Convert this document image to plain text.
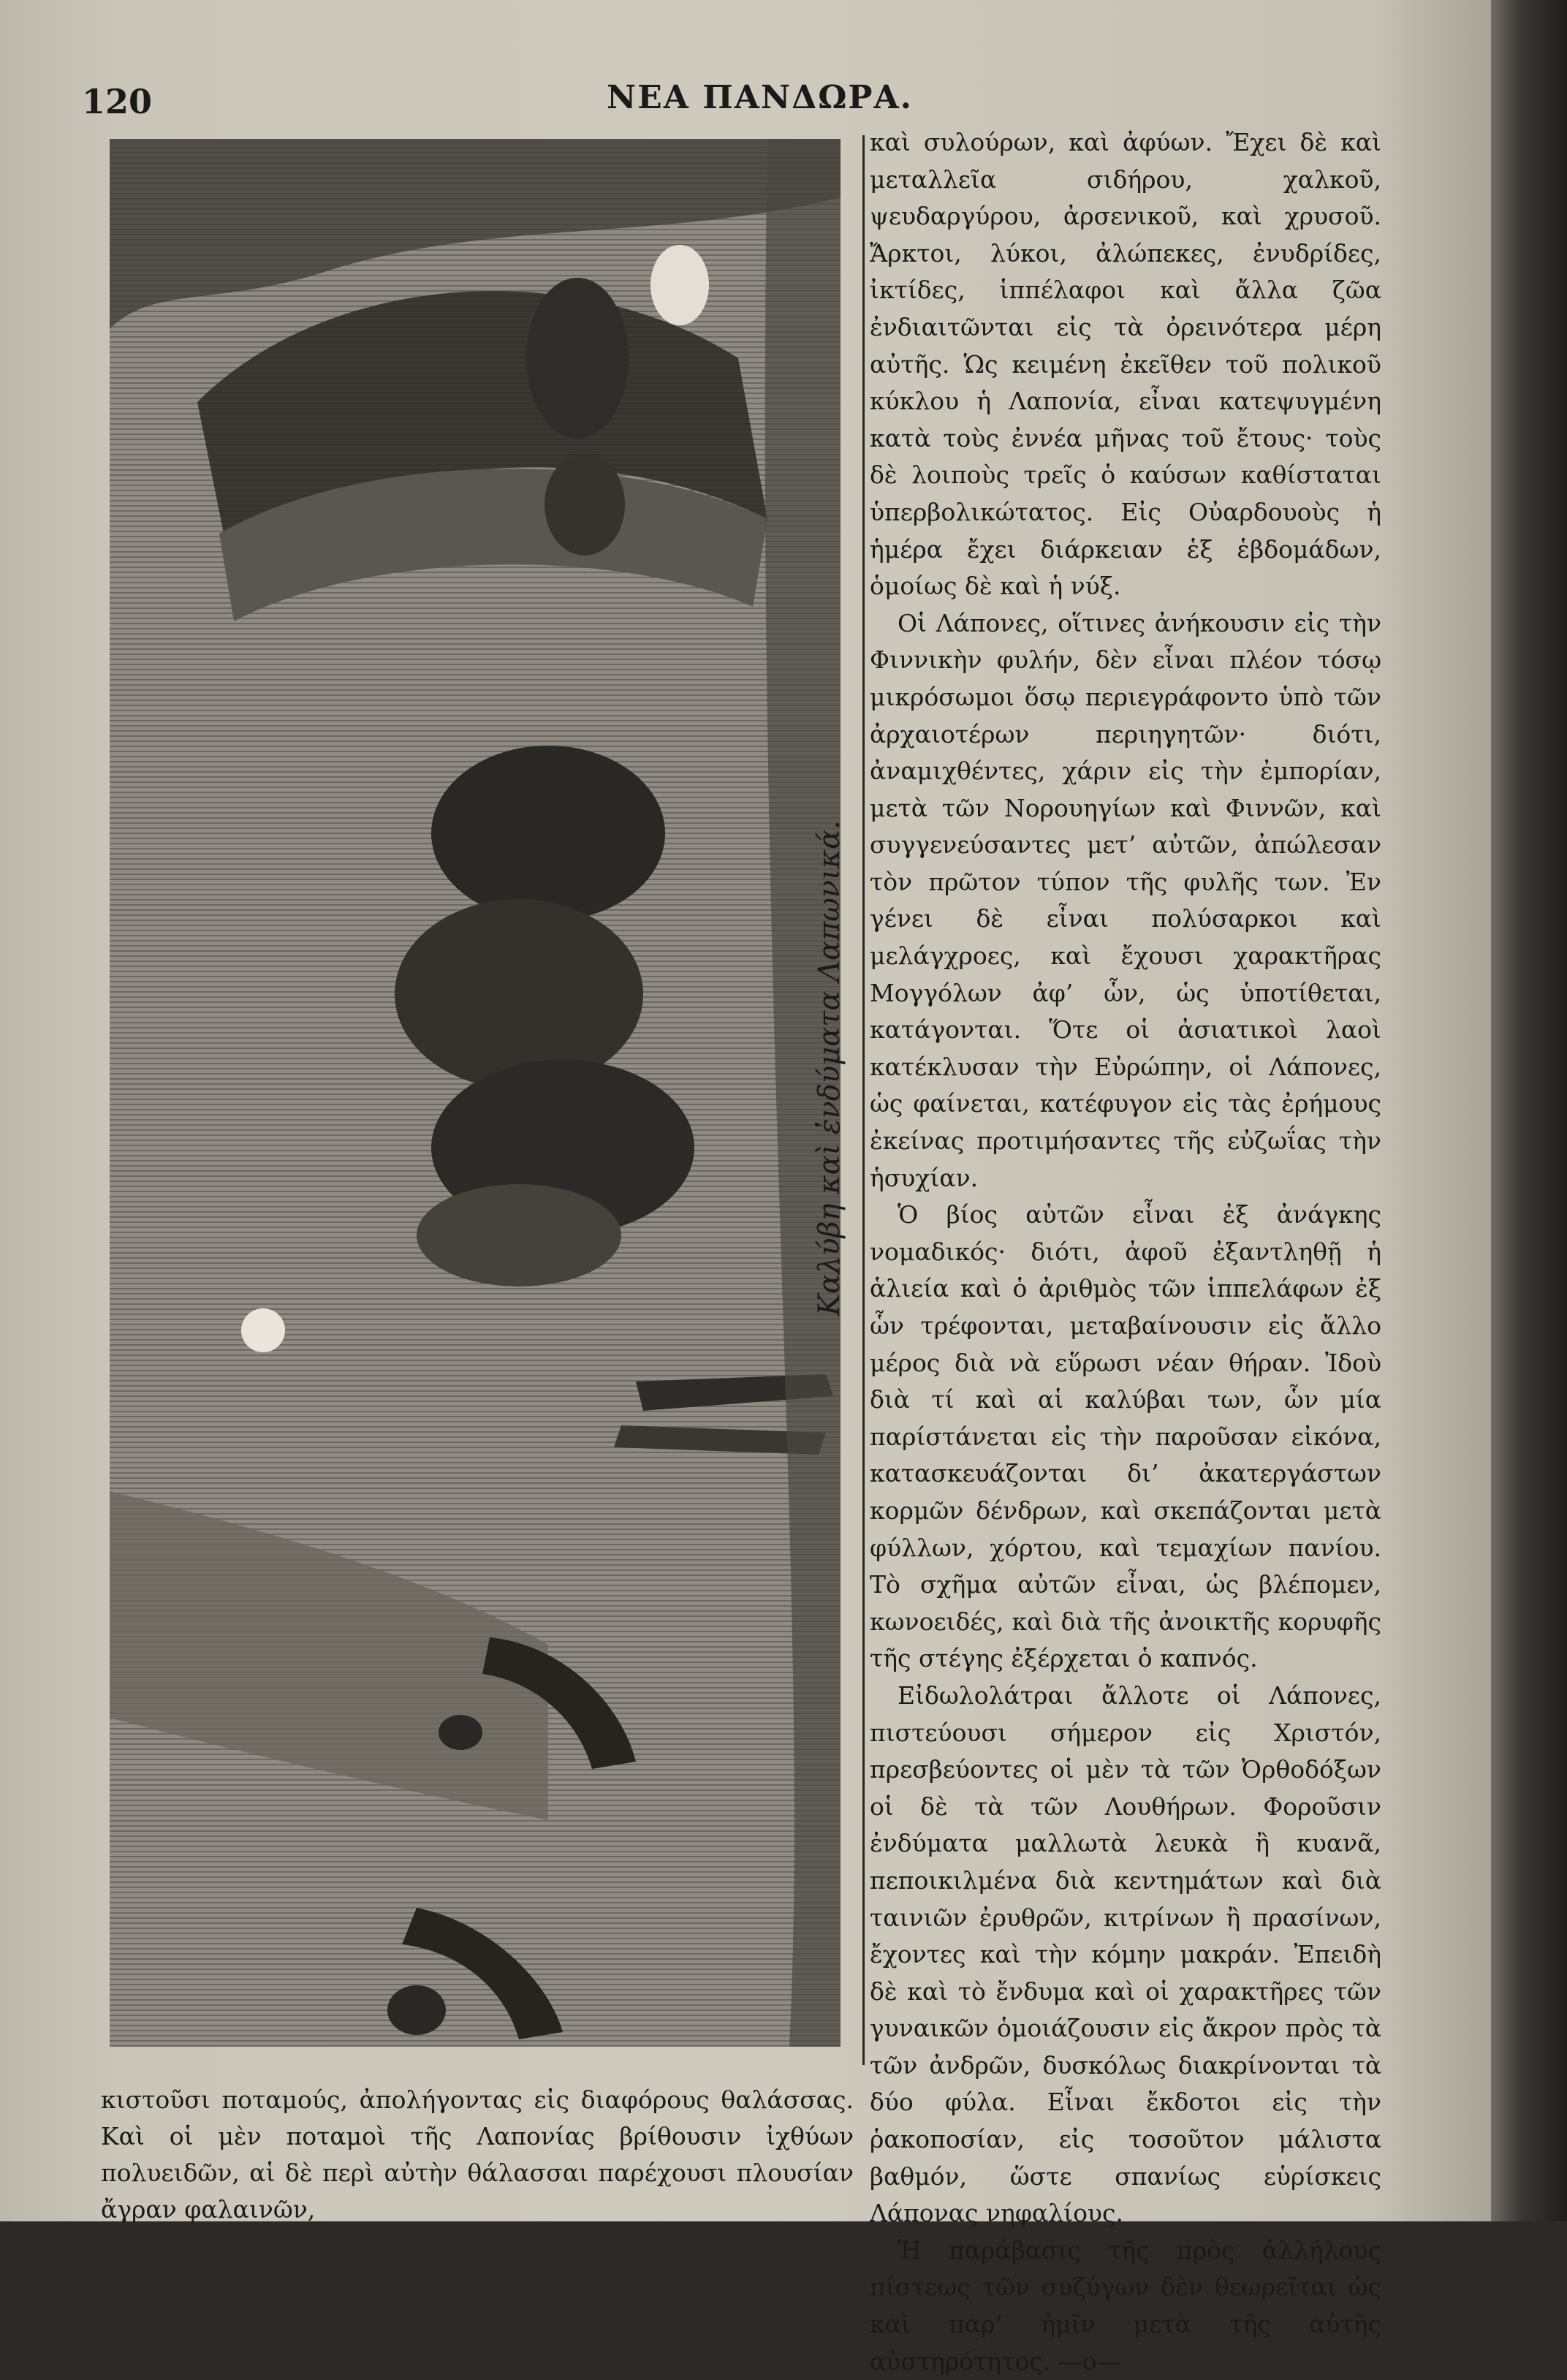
120	ΝΕΑ ΠΑΝΔΩΡΑ.
Καλύβη καὶ ἐνδύματα Λαπωνικά.

καὶ συλούρων, καὶ ἀφύων. Ἔχει δὲ καὶ μεταλλεῖα σιδήρου, χαλκοῦ, ψευδαργύρου, ἀρσενικοῦ, καὶ χρυσοῦ. Ἄρκτοι, λύκοι, ἀλώπεκες, ἐνυδρίδες, ἰκτίδες, ἱππέλαφοι καὶ ἄλλα ζῶα ἐνδιαιτῶνται εἰς τὰ ὀρεινότερα μέρη αὐτῆς. Ὡς κειμένη ἐκεῖθεν τοῦ πολικοῦ κύκλου ἡ Λαπονία, εἶναι κατεψυγμένη κατὰ τοὺς ἐννέα μῆνας τοῦ ἔτους· τοὺς δὲ λοιποὺς τρεῖς ὁ καύσων καθίσταται ὑπερβολικώτατος. Εἰς Οὐαρδουοὺς ἡ ἡμέρα ἔχει διάρκειαν ἑξ ἑβδομάδων, ὁμοίως δὲ καὶ ἡ νύξ.

Οἱ Λάπονες, οἵτινες ἀνήκουσιν εἰς τὴν Φιννικὴν φυλήν, δὲν εἶναι πλέον τόσῳ μικρόσωμοι ὅσῳ περιεγράφοντο ὑπὸ τῶν ἀρχαιοτέρων περιηγητῶν· διότι, ἀναμιχθέντες, χάριν εἰς τὴν ἐμπορίαν, μετὰ τῶν Νορουηγίων καὶ Φιννῶν, καὶ συγγενεύσαντες μετ’ αὐτῶν, ἀπώλεσαν τὸν πρῶτον τύπον τῆς φυλῆς των. Ἐν γένει δὲ εἶναι πολύσαρκοι καὶ μελάγχροες, καὶ ἔχουσι χαρακτῆρας Μογγόλων ἀφ’ ὧν, ὡς ὑποτίθεται, κατάγονται. Ὅτε οἱ ἀσιατικοὶ λαοὶ κατέκλυσαν τὴν Εὐρώπην, οἱ Λάπονες, ὡς φαίνεται, κατέφυγον εἰς τὰς ἐρήμους ἐκείνας προτιμήσαντες τῆς εὐζωΐας τὴν ἡσυχίαν.

Ὁ βίος αὐτῶν εἶναι ἐξ ἀνάγκης νομαδικός· διότι, ἀφοῦ ἐξαντληθῇ ἡ ἁλιεία καὶ ὁ ἀριθμὸς τῶν ἱππελάφων ἐξ ὧν τρέφονται, μεταβαίνουσιν εἰς ἄλλο μέρος διὰ νὰ εὕρωσι νέαν θήραν. Ἰδοὺ διὰ τί καὶ αἱ καλύβαι των, ὧν μία παρίστάνεται εἰς τὴν παροῦσαν εἰκόνα, κατασκευάζονται δι’ ἀκατεργάστων κορμῶν δένδρων, καὶ σκεπάζονται μετὰ φύλλων, χόρτου, καὶ τεμαχίων πανίου. Τὸ σχῆμα αὐτῶν εἶναι, ὡς βλέπομεν, κωνοειδές, καὶ διὰ τῆς ἀνοικτῆς κορυφῆς τῆς στέγης ἐξέρχεται ὁ καπνός.

Εἰδωλολάτραι ἄλλοτε οἱ Λάπονες, πιστεύουσι σήμερον εἰς Χριστόν, πρεσβεύοντες οἱ μὲν τὰ τῶν Ὀρθοδόξων οἱ δὲ τὰ τῶν Λουθήρων. Φοροῦσιν ἐνδύματα μαλλωτὰ λευκὰ ἢ κυανᾶ, πεποικιλμένα διὰ κεντημάτων καὶ διὰ ταινιῶν ἐρυθρῶν, κιτρίνων ἢ πρασίνων, ἔχοντες καὶ τὴν κόμην μακράν. Ἐπειδὴ δὲ καὶ τὸ ἔνδυμα καὶ οἱ χαρακτῆρες τῶν γυναικῶν ὁμοιάζουσιν εἰς ἄκρον πρὸς τὰ τῶν ἀνδρῶν, δυσκόλως διακρίνονται τὰ δύο φύλα. Εἶναι ἔκδοτοι εἰς τὴν ῥακοποσίαν, εἰς τοσοῦτον μάλιστα βαθμόν, ὥστε σπανίως εὑρίσκεις Λάπονας νηφαλίους.

Ἡ παράβασις τῆς πρὸς ἀλλήλους πίστεως τῶν συζύγων δὲν θεωρεῖται ὡς καὶ παρ’ ἡμῖν μετὰ τῆς αὐτῆς αὐστηρότητος. —ο—

κιστοῦσι ποταμούς, ἀπολήγοντας εἰς διαφόρους θαλάσσας. Καὶ οἱ μὲν ποταμοὶ τῆς Λαπονίας βρίθουσιν ἰχθύων πολυειδῶν, αἱ δὲ περὶ αὐτὴν θάλασσαι παρέχουσι πλουσίαν ἄγραν φαλαινῶν,
